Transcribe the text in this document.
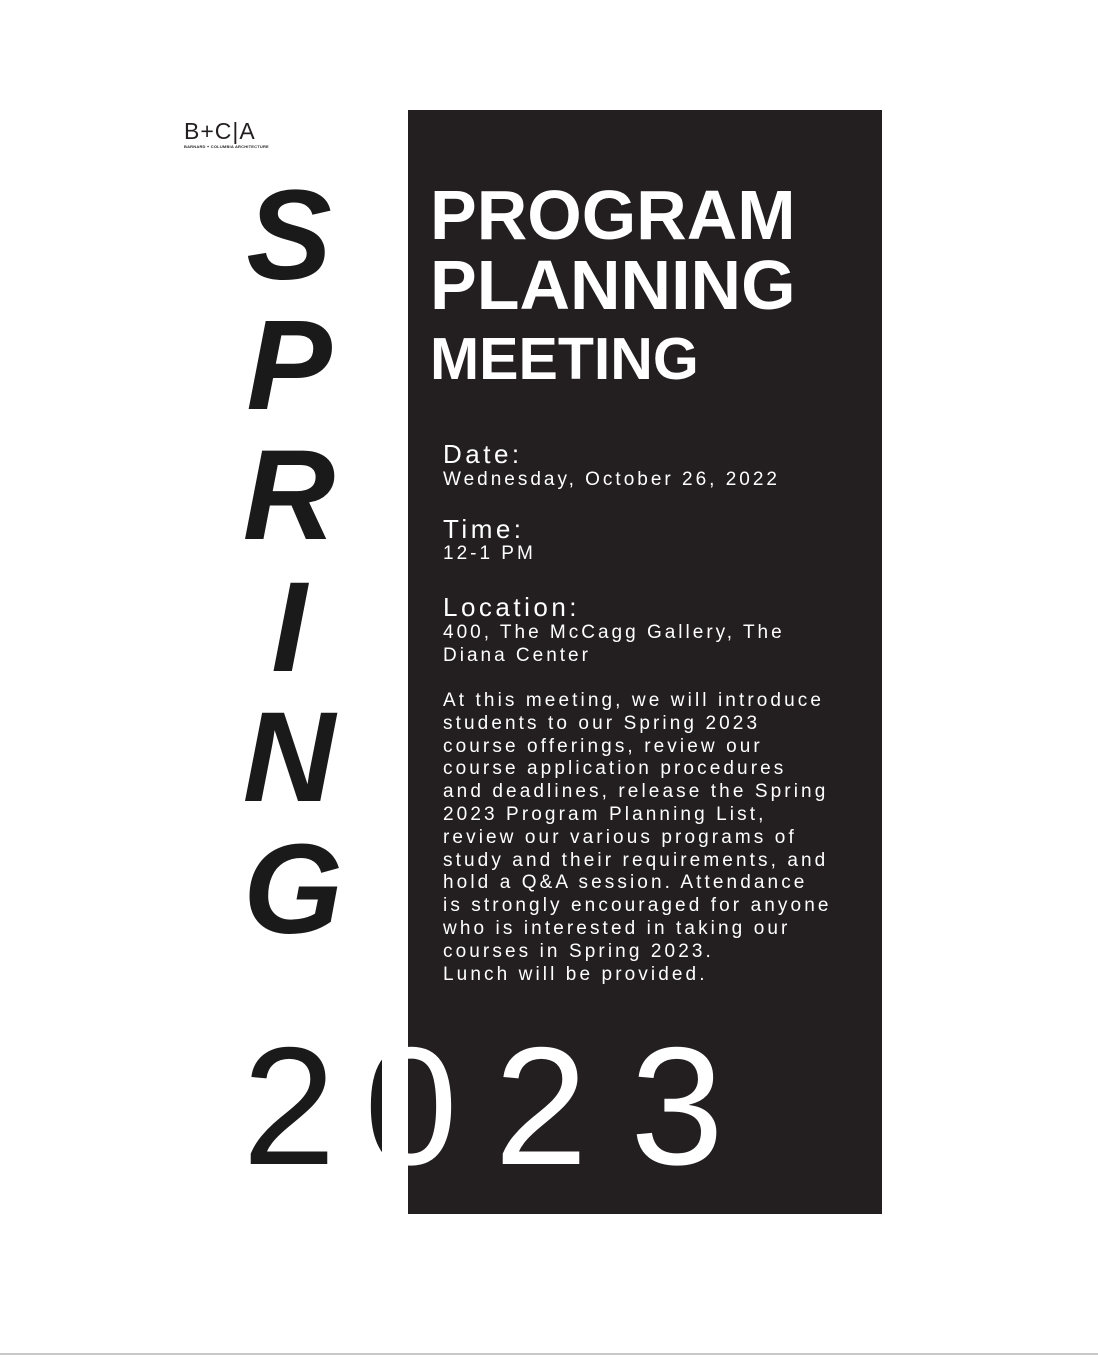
B+C|A
BARNARD + COLUMBIA ARCHITECTURE
S
P
R
I
N
G
PROGRAM
PLANNING
MEETING
Date:
Wednesday, October 26, 2022
Time:
12-1 PM
Location:
400, The McCagg Gallery, The
Diana Center
At this meeting, we will introduce
students to our Spring 2023
course offerings, review our
course application procedures
and deadlines, release the Spring
2023 Program Planning List,
review our various programs of
study and their requirements, and
hold a Q&A session. Attendance
is strongly encouraged for anyone
who is interested in taking our
courses in Spring 2023.
Lunch will be provided.
2 0 2 3
